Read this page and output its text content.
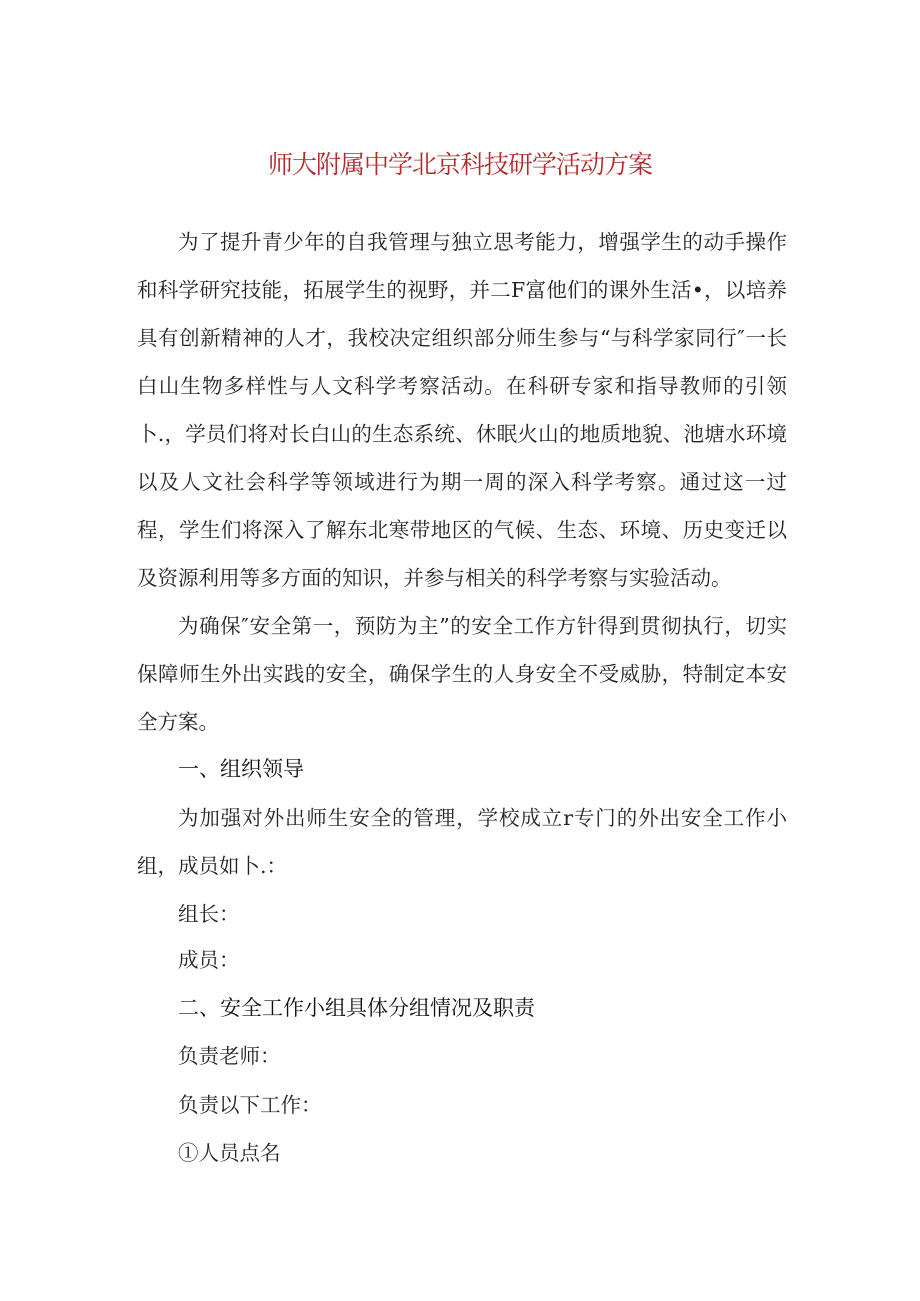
师大附属中学北京科技研学活动方案

为了提升青少年的自我管理与独立思考能力，增强学生的动手操作和科学研究技能，拓展学生的视野，并二F富他们的课外生活•，以培养具有创新精神的人才，我校决定组织部分师生参与“与科学家同行″一长白山生物多样性与人文科学考察活动。在科研专家和指导教师的引领卜.，学员们将对长白山的生态系统、休眠火山的地质地貌、池塘水环境以及人文社会科学等领域进行为期一周的深入科学考察。通过这一过程，学生们将深入了解东北寒带地区的气候、生态、环境、历史变迁以及资源利用等多方面的知识，并参与相关的科学考察与实验活动。

为确保″安全第一，预防为主”的安全工作方针得到贯彻执行，切实保障师生外出实践的安全，确保学生的人身安全不受威胁，特制定本安全方案。

一、组织领导

为加强对外出师生安全的管理，学校成立r专门的外出安全工作小组，成员如卜.：

组长：

成员：

二、安全工作小组具体分组情况及职责

负责老师：

负责以下工作：

①人员点名
